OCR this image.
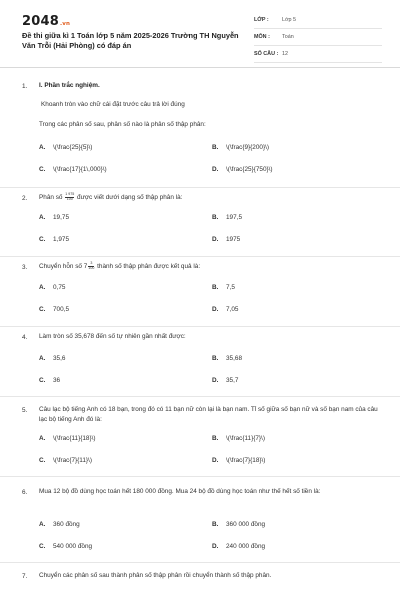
2048.vn
Đề thi giữa kì 1 Toán lớp 5 năm 2025-2026 Trường TH Nguyễn Văn Trỗi (Hải Phòng) có đáp án
LỚP :	Lớp 5
MÔN :	Toán
SỐ CÂU : 12
1. I. Phần trắc nghiệm.
Khoanh tròn vào chữ cái đặt trước câu trả lời đúng
Trong các phân số sau, phân số nào là phân số thập phân:
A. \(\frac{25}{5}\)	B. \(\frac{9}{200}\)
C. \(\frac{17}{1\,000}\)	D. \(\frac{25}{750}\)
2. Phân số $\frac{1 975}{100}$ được viết dưới dạng số thập phân là:
A. 19,75	B. 197,5
C. 1,975	D. 1975
3. Chuyển hỗn số $7 \frac{3}{100}$ thành số thập phân được kết quả là:
A. 0,75	B. 7,5
C. 700,5	D. 7,05
4. Làm tròn số 35,678 đến số tự nhiên gần nhất được:
A. 35,6	B. 35,68
C. 36	D. 35,7
5. Câu lạc bộ tiếng Anh có 18 bạn, trong đó có 11 bạn nữ còn lại là bạn nam. Tỉ số giữa số bạn nữ và số bạn nam của câu lạc bộ tiếng Anh đó là:
A. \(\frac{11}{18}\)	B. \(\frac{11}{7}\)
C. \(\frac{7}{11}\)	D. \(\frac{7}{18}\)
6. Mua 12 bộ đồ dùng học toán hết 180 000 đồng. Mua 24 bộ đồ dùng học toán như thế hết số tiền là:
A. 360 đồng	B. 360 000 đồng
C. 540 000 đồng	D. 240 000 đồng
7. Chuyển các phân số sau thành phân số thập phân rồi chuyển thành số thập phân.
